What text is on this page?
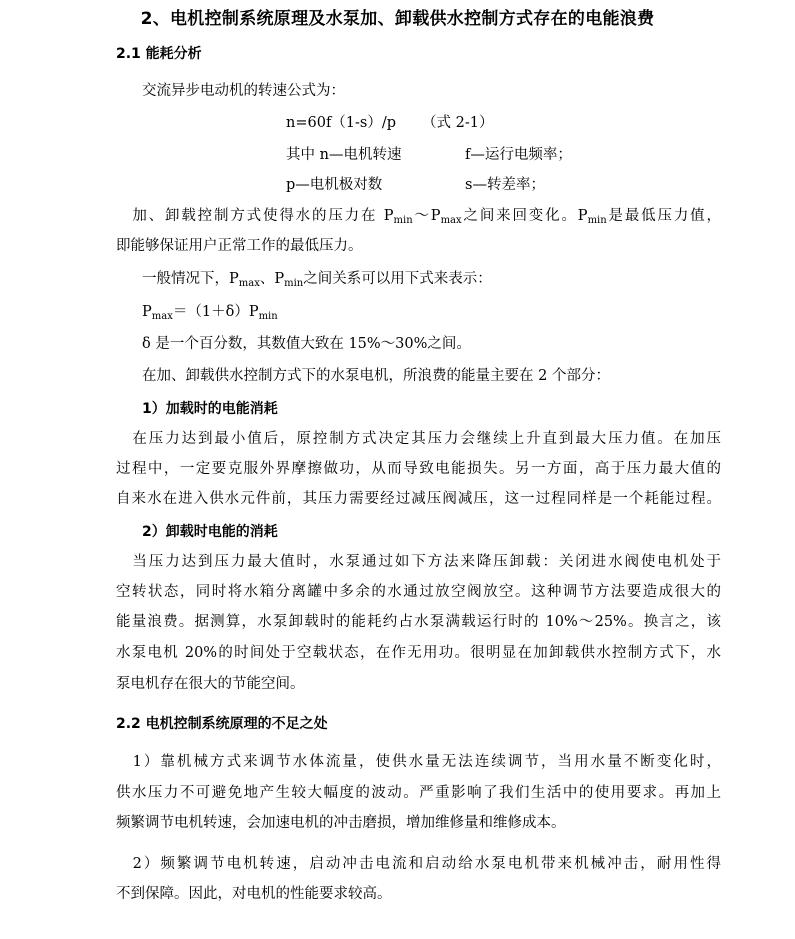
2、电机控制系统原理及水泵加、卸载供水控制方式存在的电能浪费
2.1 能耗分析
交流异步电动机的转速公式为：
n=60f（1-s）/p （式 2-1）
其中 n—电机转速	f—运行电频率；
p—电机极对数	s—转差率；
　加、卸载控制方式使得水的压力在 $P_{min}\sim P_{max}$之间来回变化。$P_{min}$是最低压力值，
即能够保证用户正常工作的最低压力。
一般情况下，$P_{max}$、$P_{min}$之间关系可以用下式来表示：
$P_{max}=(1+\delta)P_{min}$
δ 是一个百分数，其数值大致在 15%～30%之间。
在加、卸载供水控制方式下的水泵电机，所浪费的能量主要在 2 个部分：
1）加载时的电能消耗
　在压力达到最小值后，原控制方式决定其压力会继续上升直到最大压力值。在加压
过程中，一定要克服外界摩擦做功，从而导致电能损失。另一方面，高于压力最大值的
自来水在进入供水元件前，其压力需要经过减压阀减压，这一过程同样是一个耗能过程。
2）卸载时电能的消耗
　当压力达到压力最大值时，水泵通过如下方法来降压卸载：关闭进水阀使电机处于
空转状态，同时将水箱分离罐中多余的水通过放空阀放空。这种调节方法要造成很大的
能量浪费。据测算，水泵卸载时的能耗约占水泵满载运行时的 10%～25%。换言之，该
水泵电机 20%的时间处于空载状态，在作无用功。很明显在加卸载供水控制方式下，水
泵电机存在很大的节能空间。
2.2 电机控制系统原理的不足之处
　1）靠机械方式来调节水体流量，使供水量无法连续调节，当用水量不断变化时，
供水压力不可避免地产生较大幅度的波动。严重影响了我们生活中的使用要求。再加上
频繁调节电机转速，会加速电机的冲击磨损，增加维修量和维修成本。
　2）频繁调节电机转速，启动冲击电流和启动给水泵电机带来机械冲击，耐用性得
不到保障。因此，对电机的性能要求较高。
